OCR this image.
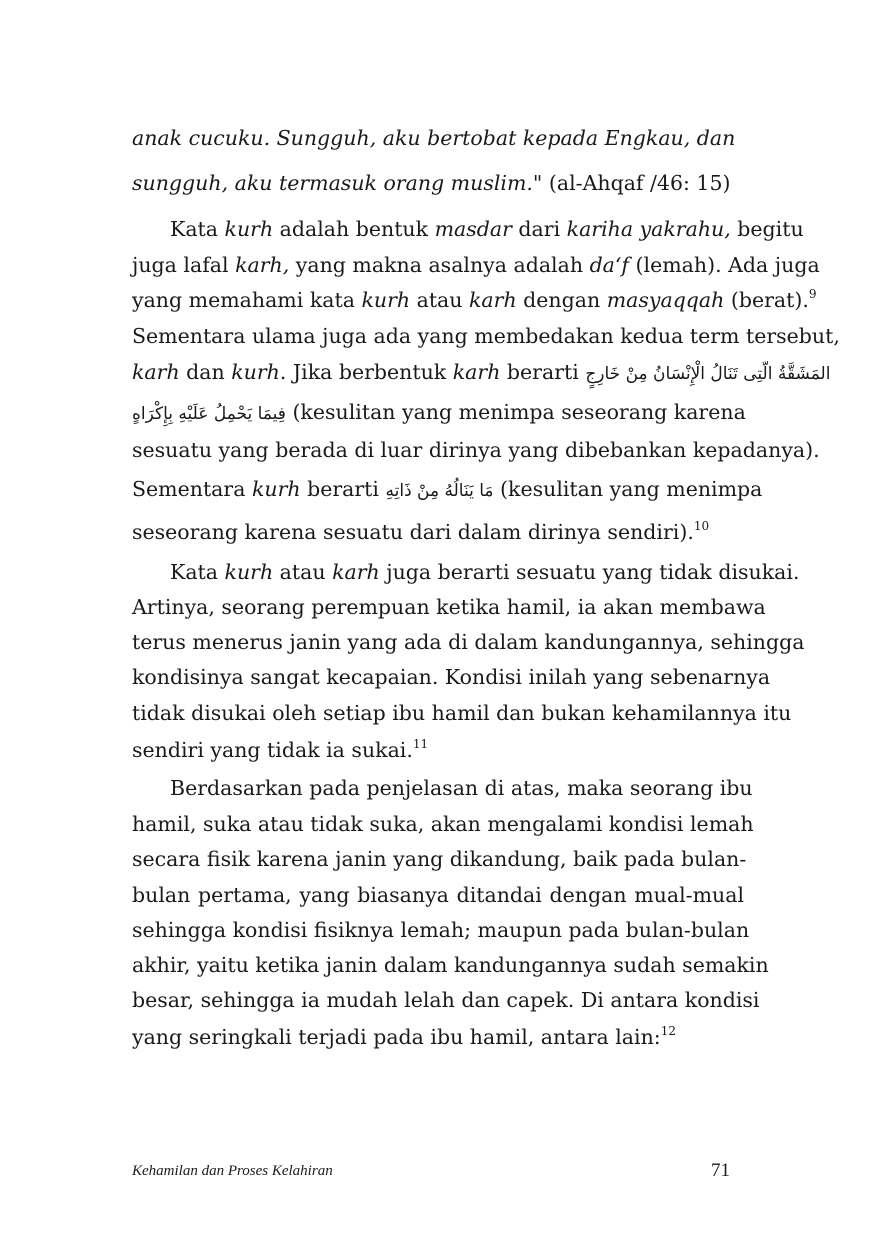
anak cucuku. Sungguh, aku bertobat kepada Engkau, dan
sungguh, aku termasuk orang muslim." (al-Ahqaf /46: 15)
Kata kurh adalah bentuk masdar dari kariha yakrahu, begitu
juga lafal karh, yang makna asalnya adalah da‘f (lemah). Ada juga
yang memahami kata kurh atau karh dengan masyaqqah (berat).$^9$
Sementara ulama juga ada yang membedakan kedua term tersebut,
karh dan kurh. Jika berbentuk karh berarti المَشَقَّةُ الّتِى تَنَالُ الْإِنْسَانُ مِنْ خَارِجٍ
فِيمَا يَحْمِلُ عَلَيْهِ بِإِكْرَاهٍ (kesulitan yang menimpa seseorang karena
sesuatu yang berada di luar dirinya yang dibebankan kepadanya).
Sementara kurh berarti مَا يَنَالُهُ مِنْ ذَاتِهِ (kesulitan yang menimpa
seseorang karena sesuatu dari dalam dirinya sendiri).$^{10}$
Kata kurh atau karh juga berarti sesuatu yang tidak disukai.
Artinya, seorang perempuan ketika hamil, ia akan membawa
terus menerus janin yang ada di dalam kandungannya, sehingga
kondisinya sangat kecapaian. Kondisi inilah yang sebenarnya
tidak disukai oleh setiap ibu hamil dan bukan kehamilannya itu
sendiri yang tidak ia sukai.$^{11}$
Berdasarkan pada penjelasan di atas, maka seorang ibu
hamil, suka atau tidak suka, akan mengalami kondisi lemah
secara fisik karena janin yang dikandung, baik pada bulan-
bulan pertama, yang biasanya ditandai dengan mual-mual
sehingga kondisi fisiknya lemah; maupun pada bulan-bulan
akhir, yaitu ketika janin dalam kandungannya sudah semakin
besar, sehingga ia mudah lelah dan capek. Di antara kondisi
yang seringkali terjadi pada ibu hamil, antara lain:$^{12}$
Kehamilan dan Proses Kelahiran	71
